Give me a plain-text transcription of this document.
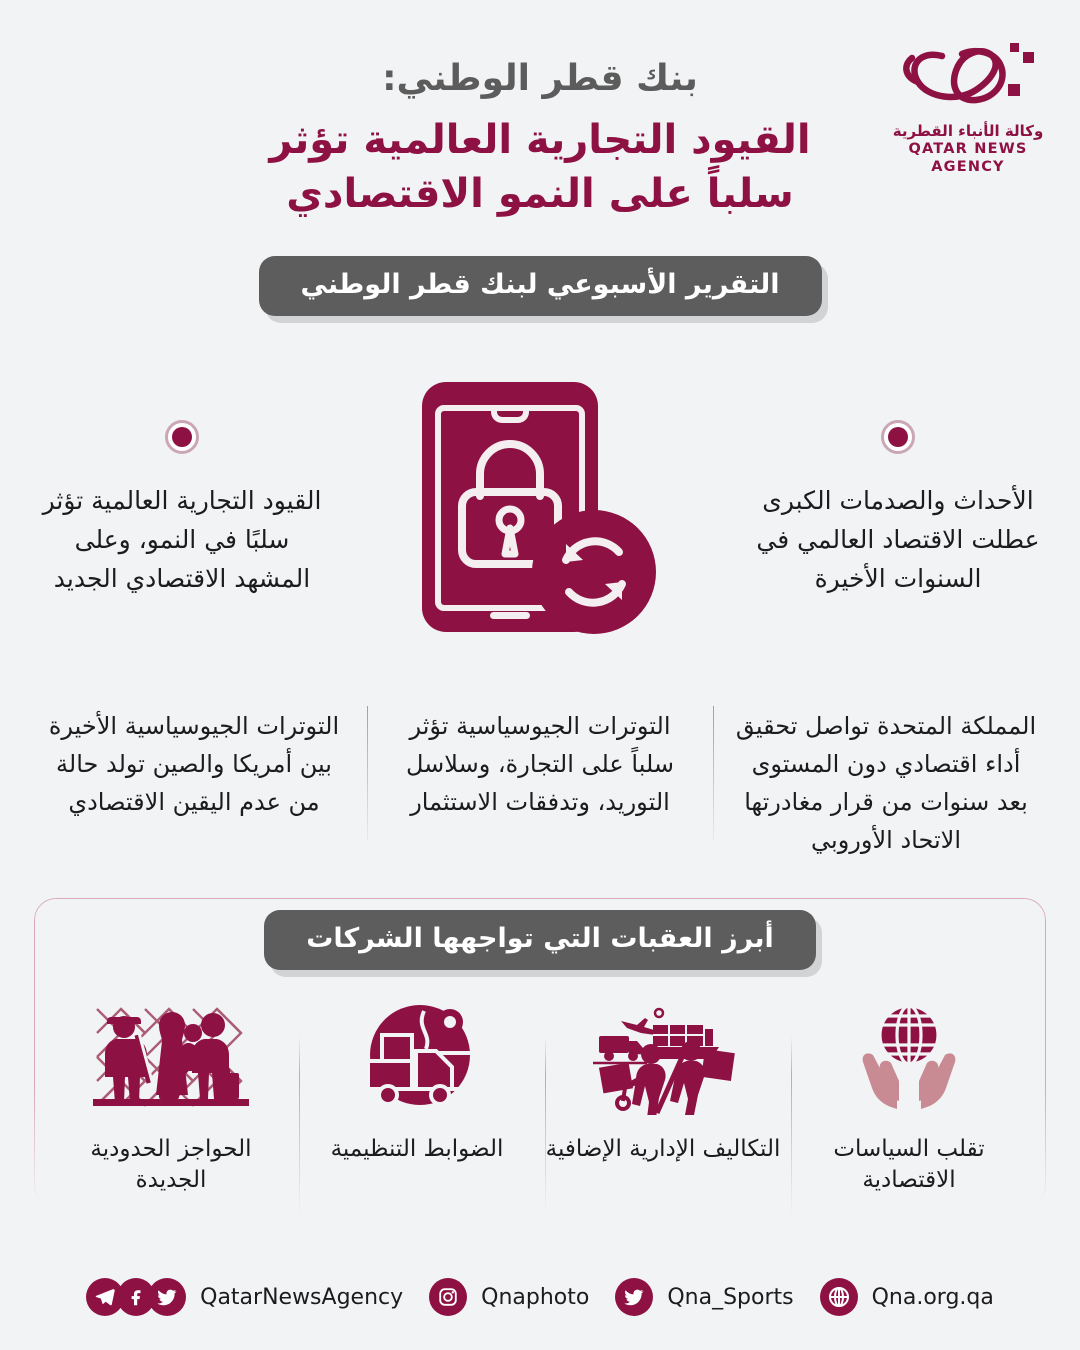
وكالة الأنباء القطرية
QATAR NEWS AGENCY
بنك قطر الوطني:
القيود التجارية العالمية تؤثر سلباً على النمو الاقتصادي
التقرير الأسبوعي لبنك قطر الوطني
الأحداث والصدمات الكبرى عطلت الاقتصاد العالمي في السنوات الأخيرة
القيود التجارية العالمية تؤثر سلبًا في النمو، وعلى المشهد الاقتصادي الجديد
المملكة المتحدة تواصل تحقيق أداء اقتصادي دون المستوى بعد سنوات من قرار مغادرتها الاتحاد الأوروبي
التوترات الجيوسياسية تؤثر سلباً على التجارة، وسلاسل التوريد، وتدفقات الاستثمار
التوترات الجيوسياسية الأخيرة بين أمريكا والصين تولد حالة من عدم اليقين الاقتصادي
أبرز العقبات التي تواجهها الشركات
تقلب السياسات الاقتصادية
التكاليف الإدارية الإضافية
الضوابط التنظيمية
الحواجز الحدودية الجديدة
QatarNewsAgency	Qnaphoto	Qna_Sports	Qna.org.qa
